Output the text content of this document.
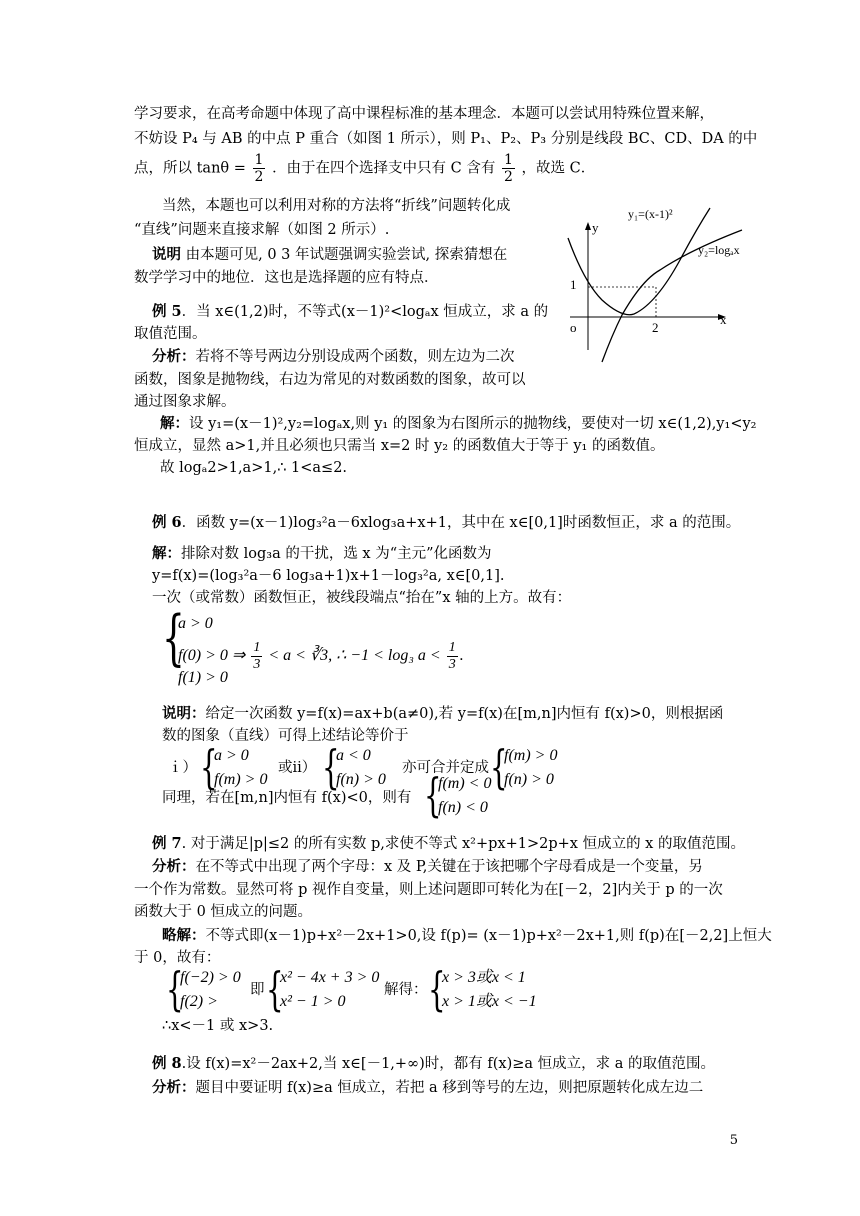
学习要求，在高考命题中体现了高中课程标准的基本理念．本题可以尝试用特殊位置来解，
不妨设 P₄ 与 AB 的中点 P 重合（如图 1 所示），则 P₁、P₂、P₃ 分别是线段 BC、CD、DA 的中
点，所以 $\tan\theta = \frac{1}{2}$ ．由于在四个选择支中只有 C 含有 $\frac{1}{2}$ ，故选 C．
当然，本题也可以利用对称的方法将“折线”问题转化成
“直线”问题来直接求解（如图 2 所示）.
说明 由本题可见, 0 3 年试题强调实验尝试, 探索猜想在
数学学习中的地位．这也是选择题的应有特点．
y₁=(x-1)²
y₂=logₐx
y
x
o
1
2
例 5．当 x∈(1,2)时，不等式(x－1)²<logₐx 恒成立，求 a 的
取值范围。
分析：若将不等号两边分别设成两个函数，则左边为二次
函数，图象是抛物线，右边为常见的对数函数的图象，故可以
通过图象求解。
解：设 y₁=(x－1)²,y₂=logₐx,则 y₁ 的图象为右图所示的抛物线，要使对一切 x∈(1,2),y₁<y₂
恒成立，显然 a>1,并且必须也只需当 x=2 时 y₂ 的函数值大于等于 y₁ 的函数值。
故 logₐ2>1,a>1,∴ 1<a≤2.
例 6．函数 y=(x－1)log₃²a－6xlog₃a+x+1，其中在 x∈[0,1]时函数恒正，求 a 的范围。
解：排除对数 log₃a 的干扰，选 x 为“主元”化函数为
y=f(x)=(log₃²a－6 log₃a+1)x+1－log₃²a, x∈[0,1].
一次（或常数）函数恒正，被线段端点“抬在”x 轴的上方。故有：
{
a > 0
f(0) > 0 ⇒ $\frac{1}{3} < a$ < ∛3, ∴ −1 < log₃ $a < \frac{1}{3}$ .
f(1) > 0
说明：给定一次函数 y=f(x)=ax+b(a≠0),若 y=f(x)在[m,n]内恒有 f(x)>0，则根据函
数的图象（直线）可得上述结论等价于
ｉ） {
a > 0
f(m) > 0
或ⅱ） {
a < 0
f(n) > 0
亦可合并定成 {
f(m) > 0
f(n) > 0
同理，若在[m,n]内恒有 f(x)<0，则有 {
f(m) < 0
f(n) < 0
例 7. 对于满足|p|≤2 的所有实数 p,求使不等式 x²+px+1>2p+x 恒成立的 x 的取值范围。
分析：在不等式中出现了两个字母：x 及 P,关键在于该把哪个字母看成是一个变量，另
一个作为常数。显然可将 p 视作自变量，则上述问题即可转化为在[－2，2]内关于 p 的一次
函数大于 0 恒成立的问题。
略解：不等式即(x－1)p+x²－2x+1>0,设 f(p)= (x－1)p+x²－2x+1,则 f(p)在[－2,2]上恒大
于 0，故有：
{
f(−2) > 0
f(2) >
即 {
x² − 4x + 3 > 0
x² − 1 > 0
解得： {
x > 3或x < 1
x > 1或x < −1
∴x<－1 或 x>3.
例 8.设 f(x)=x²－2ax+2,当 x∈[－1,+∞)时，都有 f(x)≥a 恒成立，求 a 的取值范围。
分析：题目中要证明 f(x)≥a 恒成立，若把 a 移到等号的左边，则把原题转化成左边二
5
